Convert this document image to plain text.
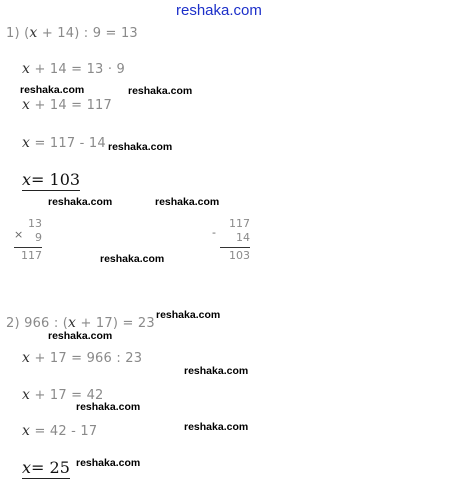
reshaka.com
1) (x + 14) : 9 = 13
x + 14 = 13 · 9
reshaka.com	reshaka.com
x + 14 = 117
x = 117 - 14 reshaka.com
x= 103
reshaka.com	reshaka.com
×
13
9
117	reshaka.com
-
117
14
103
2) 966 : (x + 17) = 23
reshaka.com
reshaka.com
x + 17 = 966 : 23
reshaka.com
x + 17 = 42
reshaka.com
x = 42 - 17	reshaka.com
x= 25 reshaka.com
